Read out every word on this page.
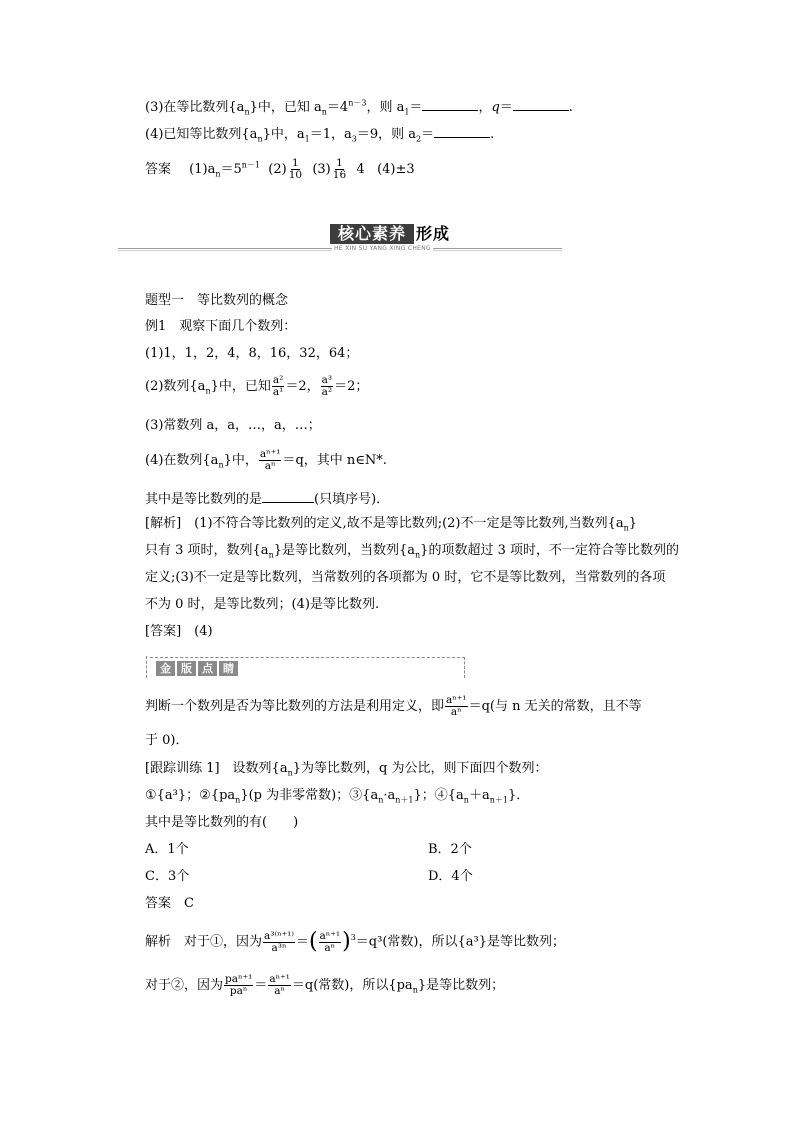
(3)在等比数列$\{a_n\}$中，已知 $a_n=4^{n-3}$，则 $a_1=$	，q＝	.
(4)已知等比数列$\{a_n\}$中，$a_1=1$，$a_3=9$，则 $a_2=$	.
答案 $(1)a_n=5^{n-1}$ $(2) \frac{1}{10} (3) \frac{1}{16} 4$ (4)±3
核心素养 形成
HE XIN SU YANG XING CHENG
题型一　等比数列的概念
例1　观察下面几个数列：
(1)1，1，2，4，8，16，32，64；
(2)数列$\{a_n\}$中，已知 $\frac{\text{a²}}{\text{a¹}} =2$， $\frac{\text{a³}}{\text{a²}} =2$；
(3)常数列 a，a，…，a，…；
(4)在数列$\{a_n\}$中， $\frac{\text{aⁿ⁺¹}}{\text{aⁿ}} =q$，其中 n∈N*.
其中是等比数列的是	(只填序号)．
[解析]　(1)不符合等比数列的定义,故不是等比数列;(2)不一定是等比数列,当数列$\{a_n\}$
只有 3 项时，数列$\{a_n\}$是等比数列，当数列$\{a_n\}$的项数超过 3 项时，不一定符合等比数列的
定义;(3)不一定是等比数列，当常数列的各项都为 0 时，它不是等比数列，当常数列的各项
不为 0 时，是等比数列；(4)是等比数列.
[答案]　(4)
金 版 点 睛
判断一个数列是否为等比数列的方法是利用定义，即 $\frac{\text{aⁿ⁺¹}}{\text{aⁿ}} =q$(与 n 无关的常数，且不等
于 0)．
[跟踪训练 1]　设数列$\{a_n\}$为等比数列，q 为公比，则下面四个数列：
①{a³}；$②\{pa_n\}(p$ 为非零常数)；$③\{a_n\cdot a_{n+1}\}$；$④\{a_n+a_{n+1}\}$．
其中是等比数列的有(　　)
A．1个	B．2个
C．3个	D．4个
答案　C
解析　对于①，因为 $\frac{\text{a³⁽ⁿ⁺¹⁾}}{\text{a³ⁿ}}$ ＝( $\frac{\text{aⁿ⁺¹}}{\text{aⁿ}} )^3=q^3$(常数)，所以{a³}是等比数列；
对于②，因为 $\frac{\text{paⁿ⁺¹}}{\text{paⁿ}} = \frac{\text{aⁿ⁺¹}}{\text{aⁿ}} =q$(常数)，所以$\{pa_n\}$是等比数列；
